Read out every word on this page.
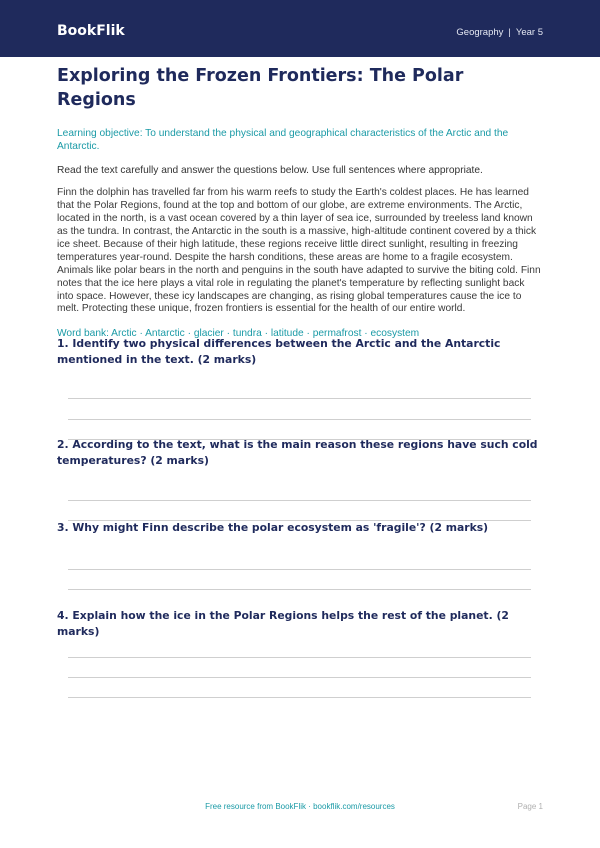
BookFlik	Geography | Year 5
Exploring the Frozen Frontiers: The Polar Regions
Learning objective: To understand the physical and geographical characteristics of the Arctic and the Antarctic.
Read the text carefully and answer the questions below. Use full sentences where appropriate.
Finn the dolphin has travelled far from his warm reefs to study the Earth's coldest places. He has learned that the Polar Regions, found at the top and bottom of our globe, are extreme environments. The Arctic, located in the north, is a vast ocean covered by a thin layer of sea ice, surrounded by treeless land known as the tundra. In contrast, the Antarctic in the south is a massive, high-altitude continent covered by a thick ice sheet. Because of their high latitude, these regions receive little direct sunlight, resulting in freezing temperatures year-round. Despite the harsh conditions, these areas are home to a fragile ecosystem. Animals like polar bears in the north and penguins in the south have adapted to survive the biting cold. Finn notes that the ice here plays a vital role in regulating the planet's temperature by reflecting sunlight back into space. However, these icy landscapes are changing, as rising global temperatures cause the ice to melt. Protecting these unique, frozen frontiers is essential for the health of our entire world.
Word bank: Arctic · Antarctic · glacier · tundra · latitude · permafrost · ecosystem
1. Identify two physical differences between the Arctic and the Antarctic mentioned in the text. (2 marks)
2. According to the text, what is the main reason these regions have such cold temperatures? (2 marks)
3. Why might Finn describe the polar ecosystem as 'fragile'? (2 marks)
4. Explain how the ice in the Polar Regions helps the rest of the planet. (2 marks)
Free resource from BookFlik · bookflik.com/resources	Page 1
